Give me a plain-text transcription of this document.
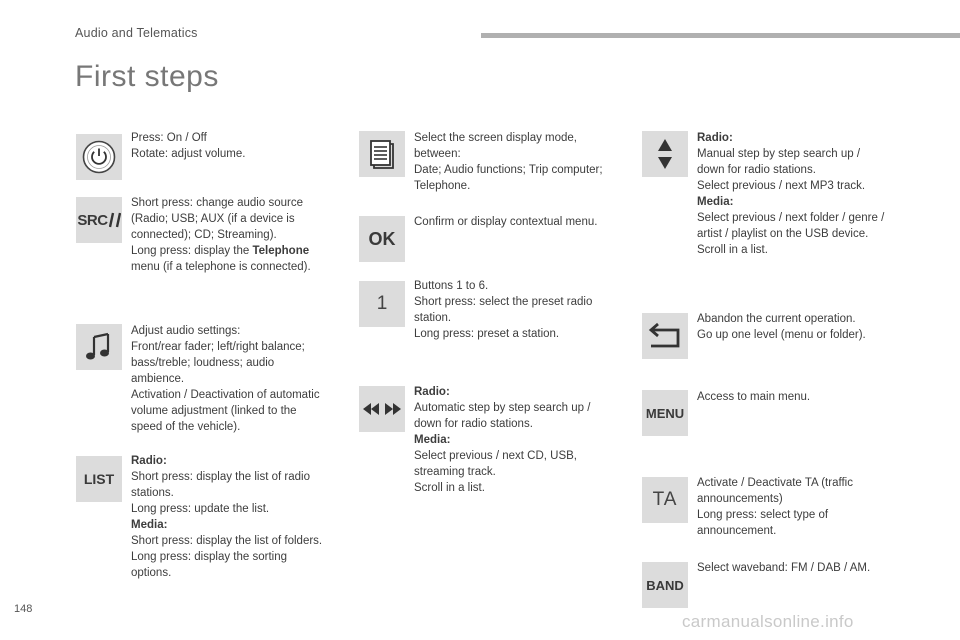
Audio and Telematics
First steps
Press: On / Off
Rotate: adjust volume.
SRC
Short press: change audio source
(Radio; USB; AUX (if a device is
connected); CD; Streaming).
Long press: display the Telephone
menu (if a telephone is connected).
Adjust audio settings:
Front/rear fader; left/right balance;
bass/treble; loudness; audio
ambience.
Activation / Deactivation of automatic
volume adjustment (linked to the
speed of the vehicle).
LIST
Radio:
Short press: display the list of radio
stations.
Long press: update the list.
Media:
Short press: display the list of folders.
Long press: display the sorting
options.
Select the screen display mode,
between:
Date; Audio functions; Trip computer;
Telephone.
OK
Confirm or display contextual menu.
1
Buttons 1 to 6.
Short press: select the preset radio
station.
Long press: preset a station.
Radio:
Automatic step by step search up /
down for radio stations.
Media:
Select previous / next CD, USB,
streaming track.
Scroll in a list.
Radio:
Manual step by step search up /
down for radio stations.
Select previous / next MP3 track.
Media:
Select previous / next folder / genre /
artist / playlist on the USB device.
Scroll in a list.
Abandon the current operation.
Go up one level (menu or folder).
MENU
Access to main menu.
TA
Activate / Deactivate TA (traffic
announcements)
Long press: select type of
announcement.
BAND
Select waveband: FM / DAB / AM.
148
carmanualsonline.info
